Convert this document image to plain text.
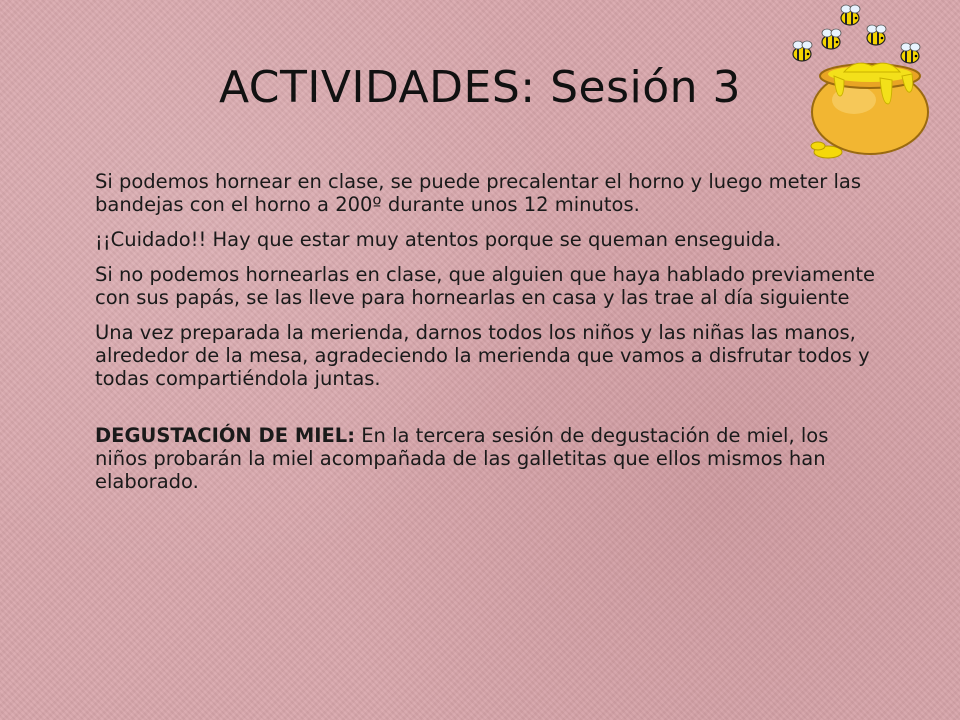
ACTIVIDADES: Sesión 3

Si podemos hornear en clase, se puede precalentar el horno y luego meter las bandejas con el horno a 200º durante unos 12 minutos.

¡¡Cuidado!! Hay que estar muy atentos porque se queman enseguida.

Si no podemos hornearlas en clase, que alguien que haya hablado previamente con sus papás, se las lleve para hornearlas en casa y las trae al día siguiente

Una vez preparada la merienda, darnos todos los niños y las niñas las manos, alrededor de la mesa, agradeciendo la merienda que vamos a disfrutar todos y todas compartiéndola juntas.

DEGUSTACIÓN DE MIEL: En la tercera sesión de degustación de miel, los niños probarán la miel acompañada de las galletitas que ellos mismos han elaborado.
